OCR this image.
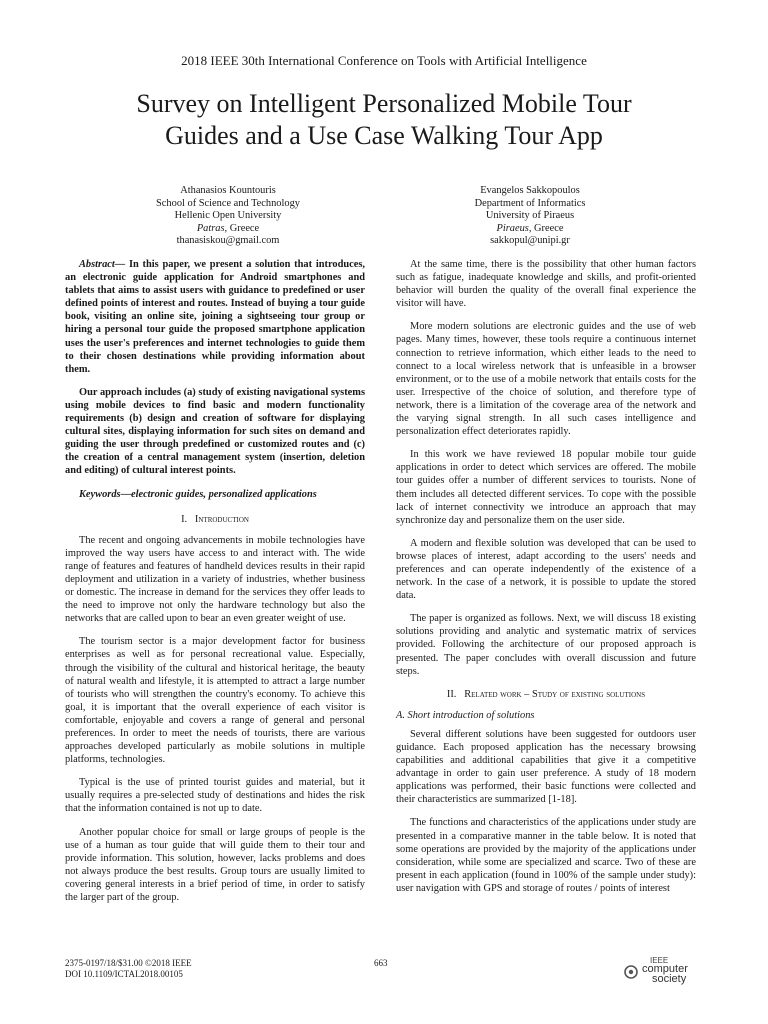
2018 IEEE 30th International Conference on Tools with Artificial Intelligence
Survey on Intelligent Personalized Mobile Tour
Guides and a Use Case Walking Tour App
Athanasios Kountouris
School of Science and Technology
Hellenic Open University
Patras, Greece
thanasiskou@gmail.com
Evangelos Sakkopoulos
Department of Informatics
University of Piraeus
Piraeus, Greece
sakkopul@unipi.gr

Abstract— In this paper, we present a solution that introduces, an electronic guide application for Android smartphones and tablets that aims to assist users with guidance to predefined or user defined points of interest and routes. Instead of buying a tour guide book, visiting an online site, joining a sightseeing tour group or hiring a personal tour guide the proposed smartphone application uses the user's preferences and internet technologies to guide them to their chosen destinations while providing information about them.

Our approach includes (a) study of existing navigational systems using mobile devices to find basic and modern functionality requirements (b) design and creation of software for displaying cultural sites, displaying information for such sites on demand and guiding the user through predefined or customized routes and (c) the creation of a central management system (insertion, deletion and editing) of cultural interest points.

Keywords—electronic guides, personalized applications

I. Introduction

The recent and ongoing advancements in mobile technologies have improved the way users have access to and interact with. The wide range of features and features of handheld devices results in their rapid deployment and utilization in a variety of industries, whether business or domestic. The increase in demand for the services they offer leads to the need to improve not only the hardware technology but also the networks that are called upon to bear an even greater weight of use.

The tourism sector is a major development factor for business enterprises as well as for personal recreational value. Especially, through the visibility of the cultural and historical heritage, the beauty of natural wealth and lifestyle, it is attempted to attract a large number of tourists who will strengthen the country's economy. To achieve this goal, it is important that the overall experience of each visitor is comfortable, enjoyable and covers a range of general and personal preferences. In order to meet the needs of tourists, there are various approaches developed particularly as mobile solutions in multiple platforms, technologies.

Typical is the use of printed tourist guides and material, but it usually requires a pre-selected study of destinations and hides the risk that the information contained is not up to date.

Another popular choice for small or large groups of people is the use of a human as tour guide that will guide them to their tour and provide information. This solution, however, lacks problems and does not always produce the best results. Group tours are usually limited to covering general interests in a brief period of time, in order to satisfy the larger part of the group.

At the same time, there is the possibility that other human factors such as fatigue, inadequate knowledge and skills, and profit-oriented behavior will burden the quality of the overall final experience the visitor will have.

More modern solutions are electronic guides and the use of web pages. Many times, however, these tools require a continuous internet connection to retrieve information, which either leads to the need to connect to a local wireless network that is unfeasible in a browser environment, or to the use of a mobile network that entails costs for the user. Irrespective of the choice of solution, and therefore type of network, there is a limitation of the coverage area of the network and the varying signal strength. In all such cases intelligence and personalization effect deteriorates rapidly.

In this work we have reviewed 18 popular mobile tour guide applications in order to detect which services are offered. The mobile tour guides offer a number of different services to tourists. None of them includes all detected different services. To cope with the possible lack of internet connectivity we introduce an approach that may synchronize day and personalize them on the user side.

A modern and flexible solution was developed that can be used to browse places of interest, adapt according to the users' needs and preferences and can operate independently of the existence of a network. In the case of a network, it is possible to update the stored data.

The paper is organized as follows. Next, we will discuss 18 existing solutions providing and analytic and systematic matrix of services provided. Following the architecture of our proposed approach is presented. The paper concludes with overall discussion and future steps.

II. Related work – Study of existing solutions
A. Short introduction of solutions

Several different solutions have been suggested for outdoors user guidance. Each proposed application has the necessary browsing capabilities and additional capabilities that give it a competitive advantage in order to gain user preference. A study of 18 modern applications was performed, their basic functions were collected and their characteristics are summarized [1-18].

The functions and characteristics of the applications under study are presented in a comparative manner in the table below. It is noted that some operations are provided by the majority of the applications under consideration, while some are specialized and scarce. Two of these are present in each application (found in 100% of the sample under study): user navigation with GPS and storage of routes / points of interest

2375-0197/18/$31.00 ©2018 IEEE
DOI 10.1109/ICTAI.2018.00105
663	IEEE
computer
society
